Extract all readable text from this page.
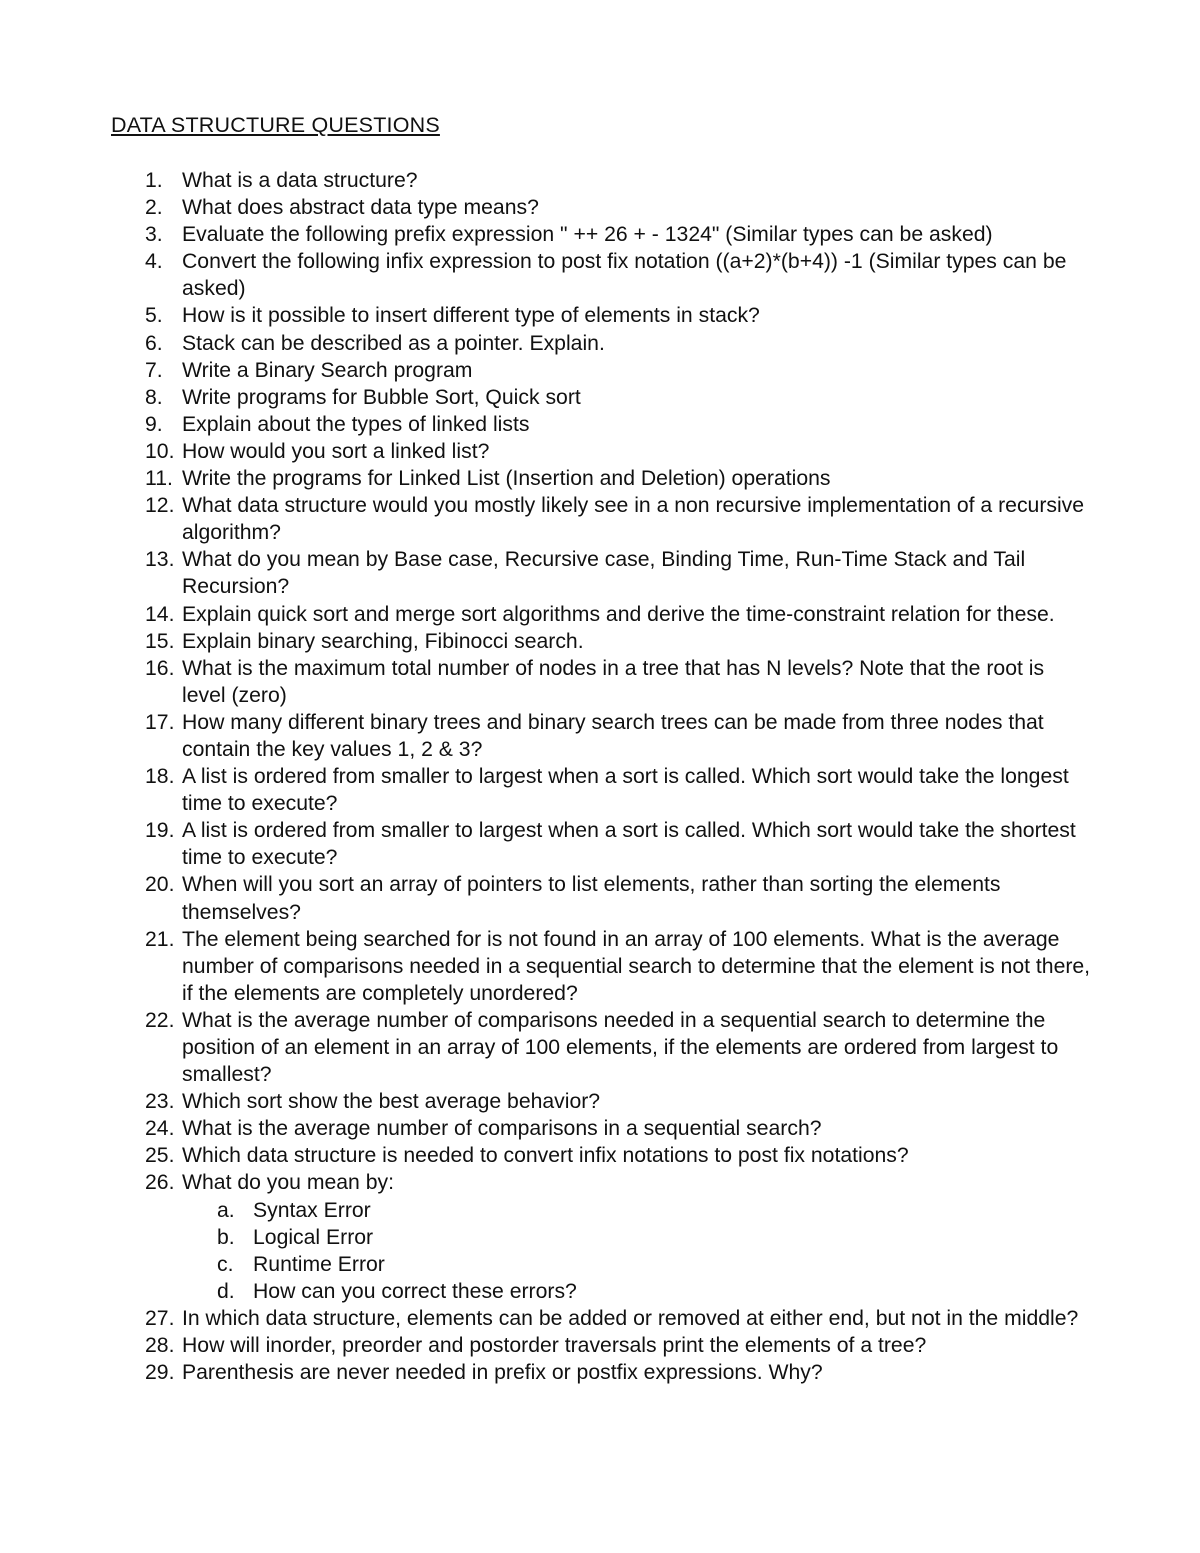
DATA STRUCTURE QUESTIONS
1. What is a data structure?
2. What does abstract data type means?
3. Evaluate the following prefix expression " ++ 26 + - 1324" (Similar types can be asked)
4. Convert the following infix expression to post fix notation ((a+2)*(b+4)) -1 (Similar types can be asked)
5. How is it possible to insert different type of elements in stack?
6. Stack can be described as a pointer. Explain.
7. Write a Binary Search program
8. Write programs for Bubble Sort, Quick sort
9. Explain about the types of linked lists
10. How would you sort a linked list?
11. Write the programs for Linked List (Insertion and Deletion) operations
12. What data structure would you mostly likely see in a non recursive implementation of a recursive algorithm?
13. What do you mean by Base case, Recursive case, Binding Time, Run-Time Stack and Tail Recursion?
14. Explain quick sort and merge sort algorithms and derive the time-constraint relation for these.
15. Explain binary searching, Fibinocci search.
16. What is the maximum total number of nodes in a tree that has N levels? Note that the root is level (zero)
17. How many different binary trees and binary search trees can be made from three nodes that contain the key values 1, 2 & 3?
18. A list is ordered from smaller to largest when a sort is called. Which sort would take the longest time to execute?
19. A list is ordered from smaller to largest when a sort is called. Which sort would take the shortest time to execute?
20. When will you sort an array of pointers to list elements, rather than sorting the elements themselves?
21. The element being searched for is not found in an array of 100 elements. What is the average number of comparisons needed in a sequential search to determine that the element is not there, if the elements are completely unordered?
22. What is the average number of comparisons needed in a sequential search to determine the position of an element in an array of 100 elements, if the elements are ordered from largest to smallest?
23. Which sort show the best average behavior?
24. What is the average number of comparisons in a sequential search?
25. Which data structure is needed to convert infix notations to post fix notations?
26. What do you mean by:
a. Syntax Error
b. Logical Error
c. Runtime Error
d. How can you correct these errors?
27. In which data structure, elements can be added or removed at either end, but not in the middle?
28. How will inorder, preorder and postorder traversals print the elements of a tree?
29. Parenthesis are never needed in prefix or postfix expressions. Why?
